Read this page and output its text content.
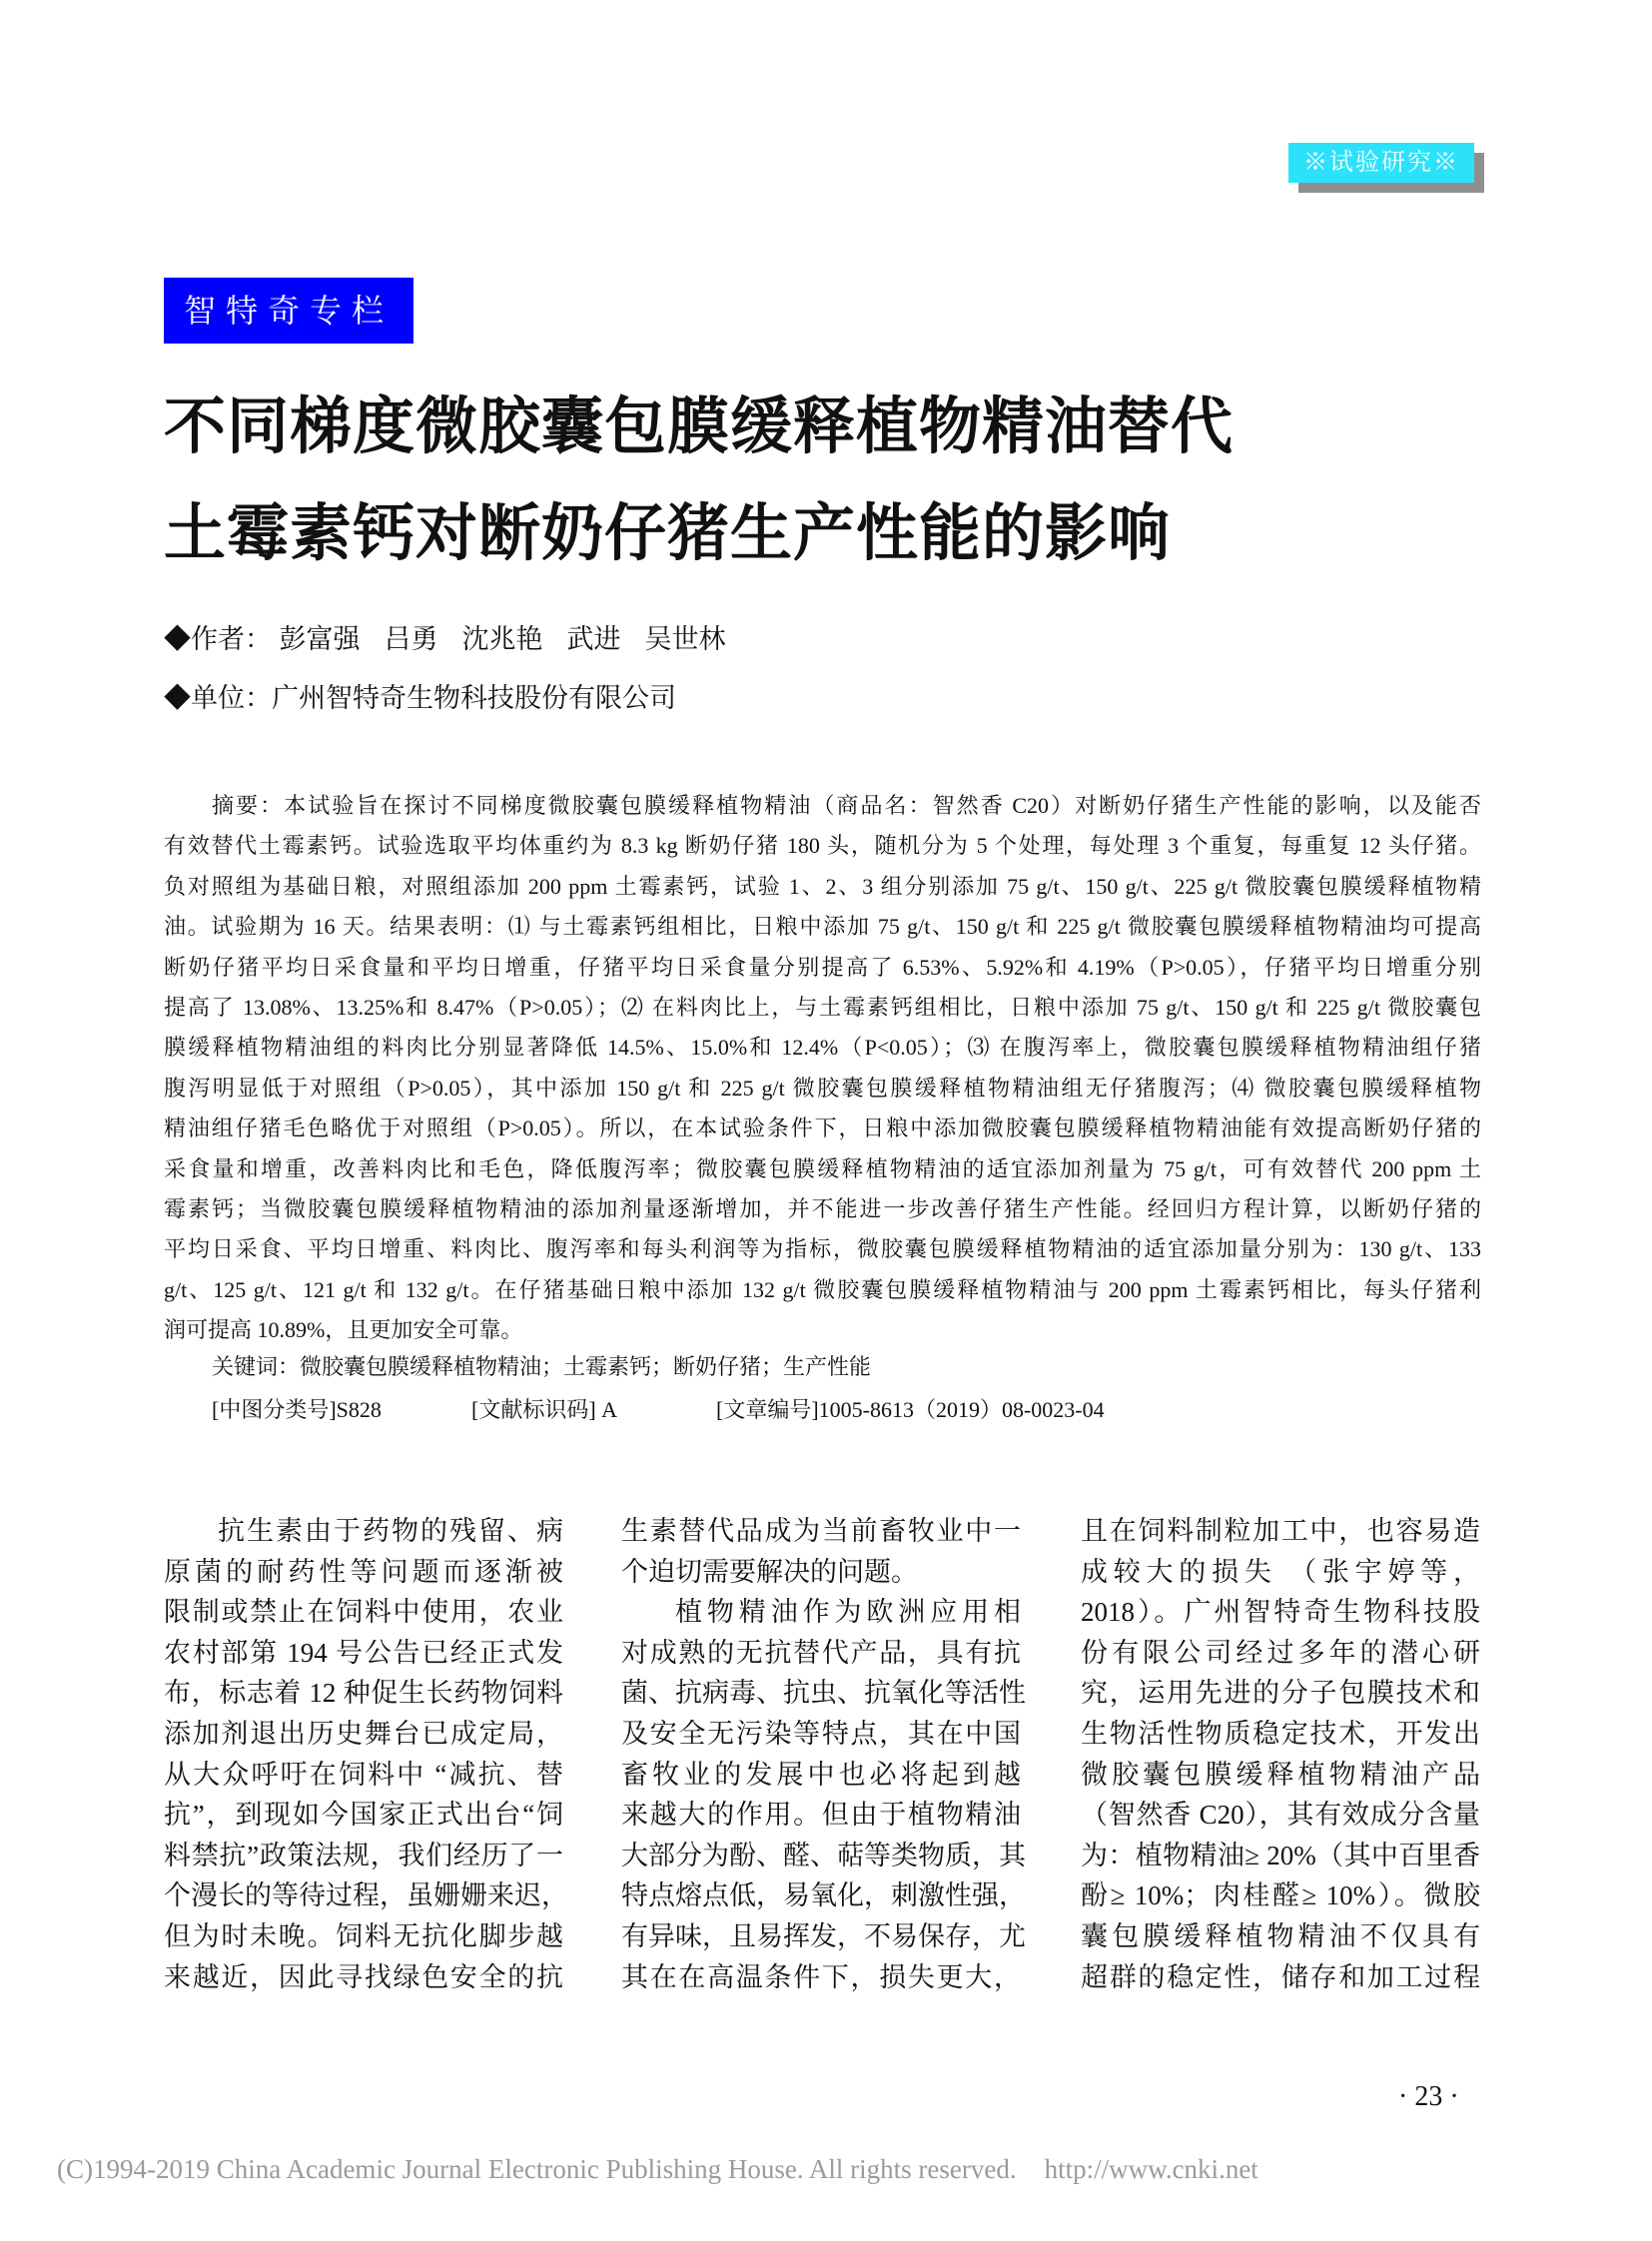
※试验研究※
智特奇专栏
不同梯度微胶囊包膜缓释植物精油替代
土霉素钙对断奶仔猪生产性能的影响
◆作者： 彭富强 吕勇 沈兆艳 武进 吴世林
◆单位：广州智特奇生物科技股份有限公司
摘要：本试验旨在探讨不同梯度微胶囊包膜缓释植物精油（商品名：智然香 C20）对断奶仔猪生产性能的影响，以及能否
有效替代土霉素钙。试验选取平均体重约为 8.3 kg 断奶仔猪 180 头，随机分为 5 个处理，每处理 3 个重复，每重复 12 头仔猪。
负对照组为基础日粮，对照组添加 200 ppm 土霉素钙，试验 1、2、3 组分别添加 75 g/t、150 g/t、225 g/t 微胶囊包膜缓释植物精
油。试验期为 16 天。结果表明：⑴ 与土霉素钙组相比，日粮中添加 75 g/t、150 g/t 和 225 g/t 微胶囊包膜缓释植物精油均可提高
断奶仔猪平均日采食量和平均日增重，仔猪平均日采食量分别提高了 6.53%、5.92%和 4.19%（P>0.05），仔猪平均日增重分别
提高了 13.08%、13.25%和 8.47%（P>0.05）；⑵ 在料肉比上，与土霉素钙组相比，日粮中添加 75 g/t、150 g/t 和 225 g/t 微胶囊包
膜缓释植物精油组的料肉比分别显著降低 14.5%、15.0%和 12.4%（P<0.05）；⑶ 在腹泻率上，微胶囊包膜缓释植物精油组仔猪
腹泻明显低于对照组（P>0.05），其中添加 150 g/t 和 225 g/t 微胶囊包膜缓释植物精油组无仔猪腹泻；⑷ 微胶囊包膜缓释植物
精油组仔猪毛色略优于对照组（P>0.05）。所以，在本试验条件下，日粮中添加微胶囊包膜缓释植物精油能有效提高断奶仔猪的
采食量和增重，改善料肉比和毛色，降低腹泻率；微胶囊包膜缓释植物精油的适宜添加剂量为 75 g/t，可有效替代 200 ppm 土
霉素钙；当微胶囊包膜缓释植物精油的添加剂量逐渐增加，并不能进一步改善仔猪生产性能。经回归方程计算，以断奶仔猪的
平均日采食、平均日增重、料肉比、腹泻率和每头利润等为指标，微胶囊包膜缓释植物精油的适宜添加量分别为：130 g/t、133
g/t、125 g/t、121 g/t 和 132 g/t。在仔猪基础日粮中添加 132 g/t 微胶囊包膜缓释植物精油与 200 ppm 土霉素钙相比，每头仔猪利
润可提高 10.89%，且更加安全可靠。
关键词：微胶囊包膜缓释植物精油；土霉素钙；断奶仔猪；生产性能
[中图分类号]S828	[文献标识码] A	[文章编号]1005-8613（2019）08-0023-04
抗生素由于药物的残留、病
原菌的耐药性等问题而逐渐被
限制或禁止在饲料中使用，农业
农村部第 194 号公告已经正式发
布，标志着 12 种促生长药物饲料
添加剂退出历史舞台已成定局，
从大众呼吁在饲料中 “减抗、替
抗”，到现如今国家正式出台“饲
料禁抗”政策法规，我们经历了一
个漫长的等待过程，虽姗姗来迟，
但为时未晚。饲料无抗化脚步越
来越近，因此寻找绿色安全的抗
生素替代品成为当前畜牧业中一
个迫切需要解决的问题。
植物精油作为欧洲应用相
对成熟的无抗替代产品，具有抗
菌、抗病毒、抗虫、抗氧化等活性
及安全无污染等特点，其在中国
畜牧业的发展中也必将起到越
来越大的作用。但由于植物精油
大部分为酚、醛、萜等类物质，其
特点熔点低，易氧化，刺激性强，
有异味，且易挥发，不易保存，尤
其在在高温条件下，损失更大，
且在饲料制粒加工中，也容易造
成较大的损失 （张宇婷等，
2018）。广州智特奇生物科技股
份有限公司经过多年的潜心研
究，运用先进的分子包膜技术和
生物活性物质稳定技术，开发出
微胶囊包膜缓释植物精油产品
（智然香 C20），其有效成分含量
为：植物精油≥ 20%（其中百里香
酚≥ 10%；肉桂醛≥ 10%）。微胶
囊包膜缓释植物精油不仅具有
超群的稳定性，储存和加工过程
· 23 ·
(C)1994-2019 China Academic Journal Electronic Publishing House. All rights reserved. http://www.cnki.net
